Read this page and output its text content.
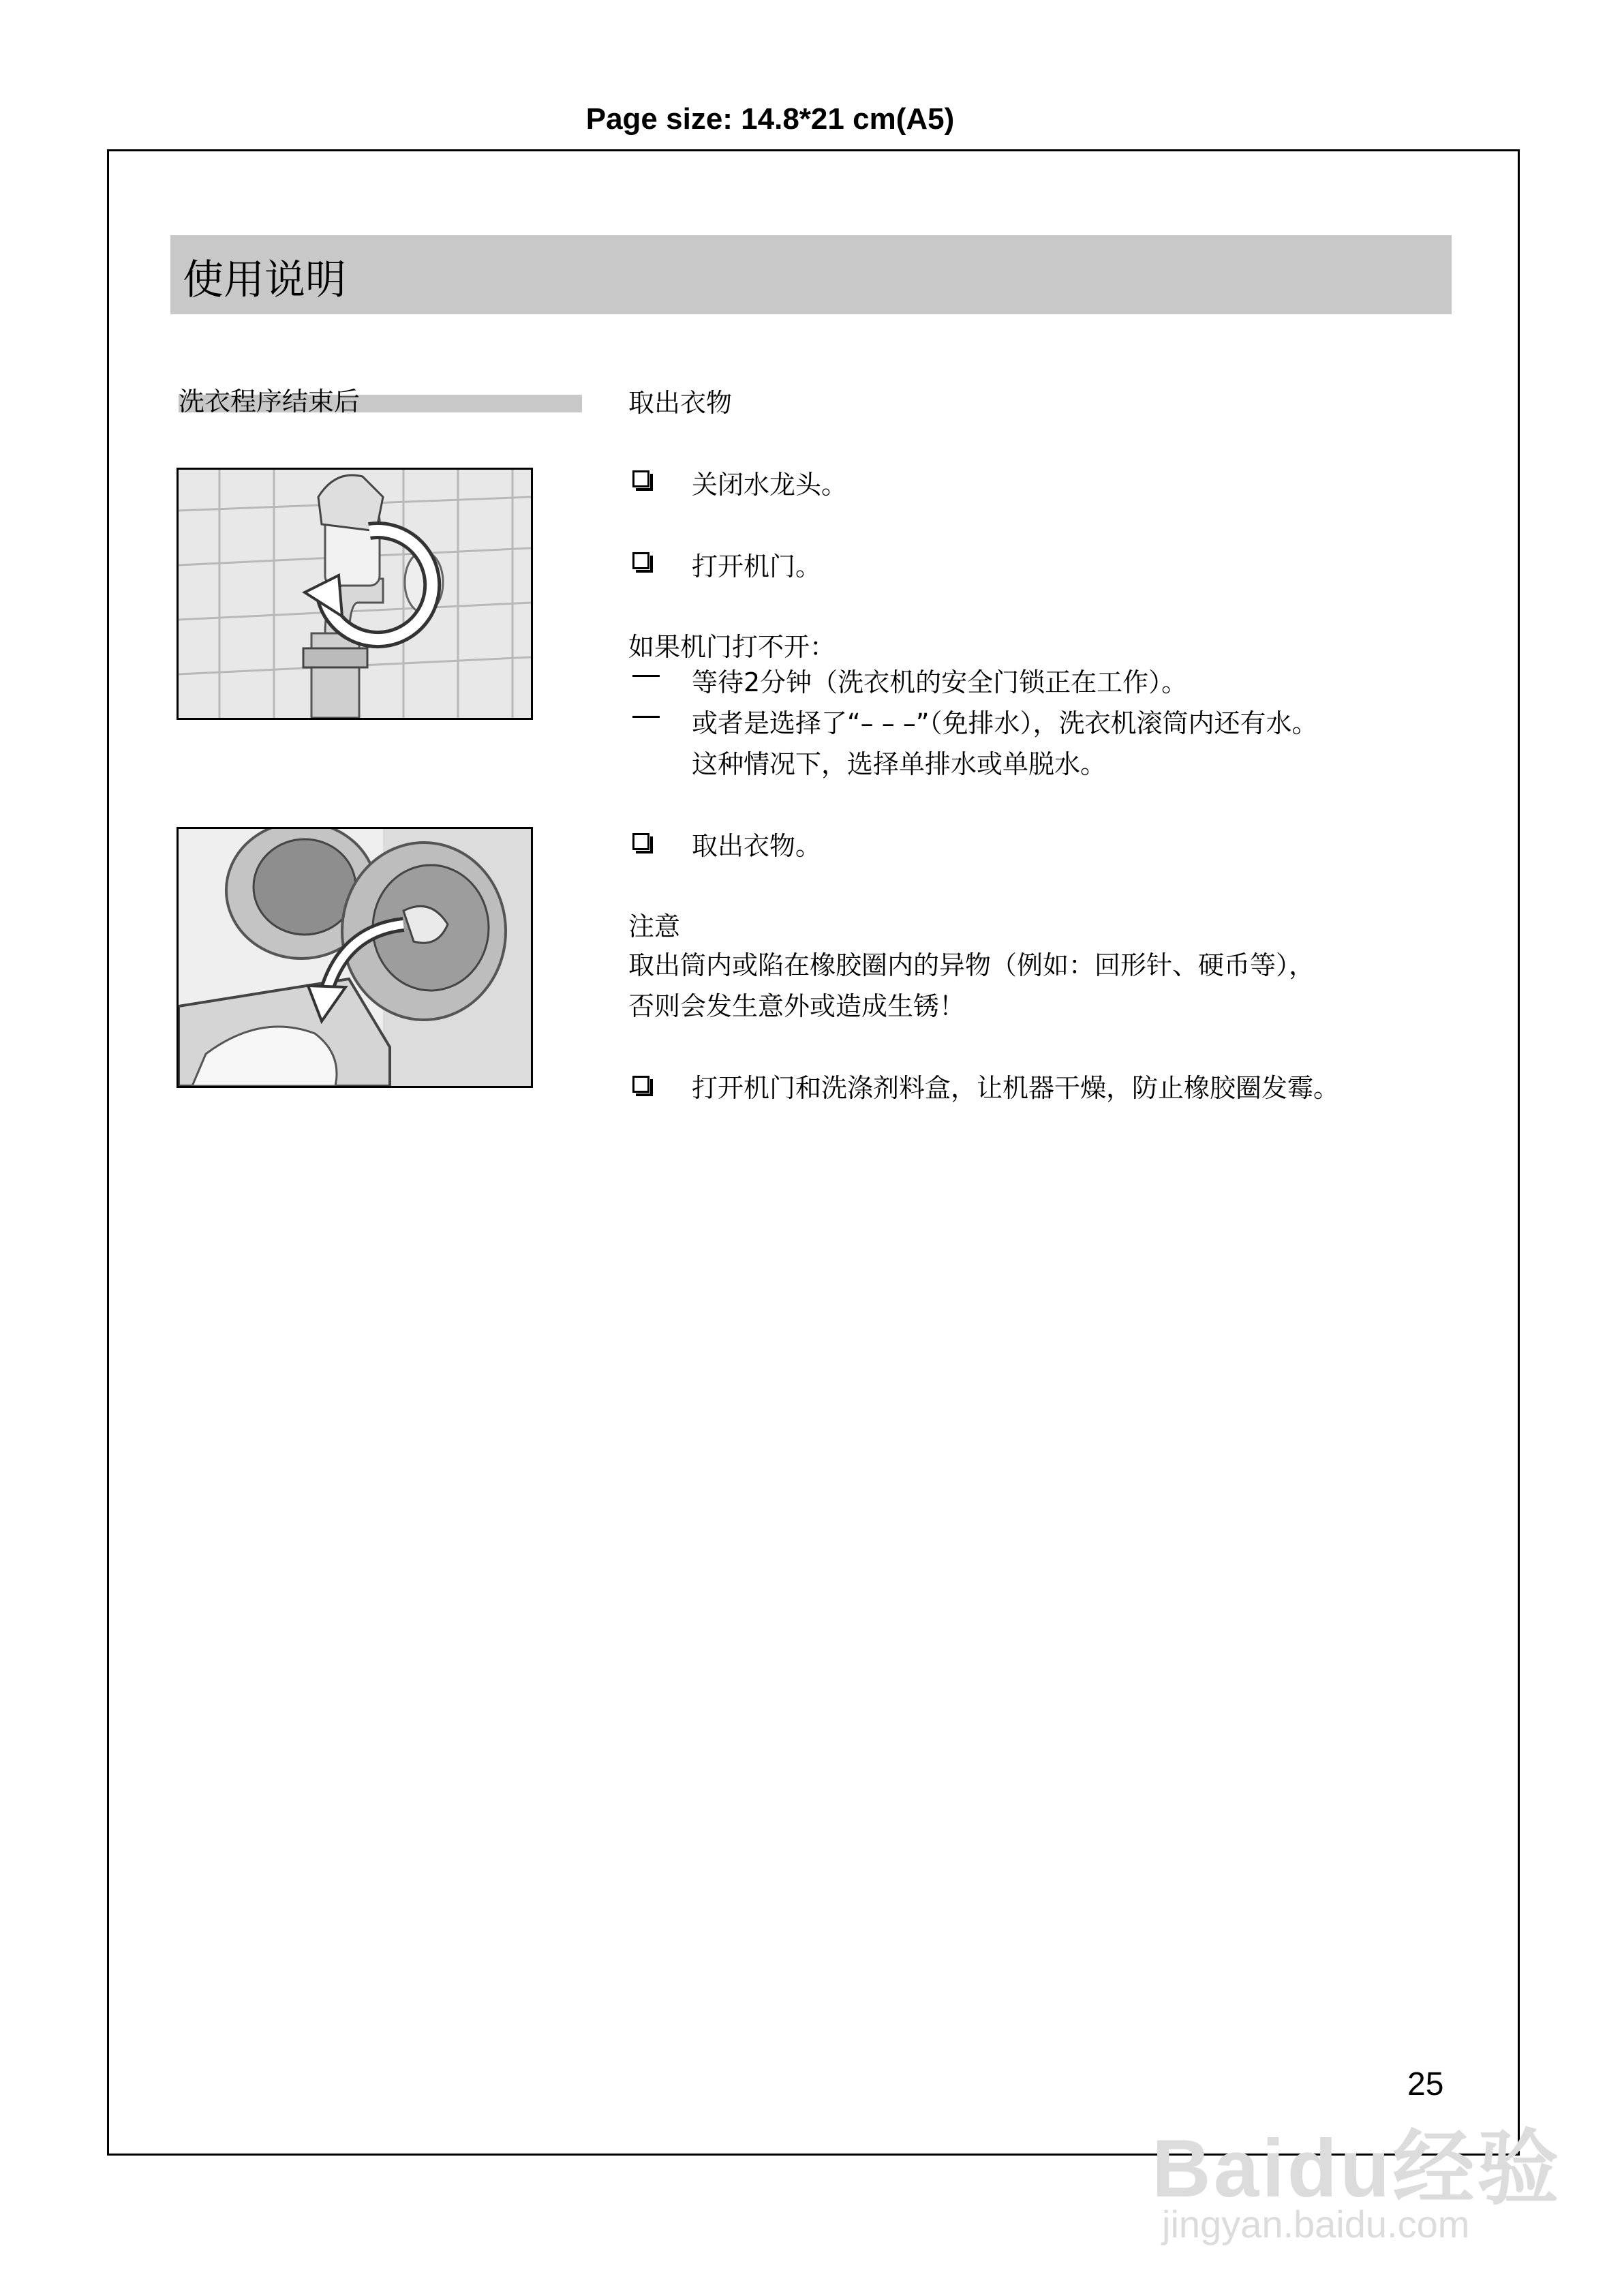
Page size: 14.8*21 cm(A5)
使用说明
洗衣程序结束后	取出衣物
关闭水龙头。
打开机门。
如果机门打不开：
等待2分钟（洗衣机的安全门锁正在工作）。
或者是选择了“– – –”（免排水），洗衣机滚筒内还有水。
这种情况下，选择单排水或单脱水。
取出衣物。
注意
取出筒内或陷在橡胶圈内的异物（例如：回形针、硬币等），
否则会发生意外或造成生锈！
打开机门和洗涤剂料盒，让机器干燥，防止橡胶圈发霉。
25
Baidu经验
jingyan.baidu.com
